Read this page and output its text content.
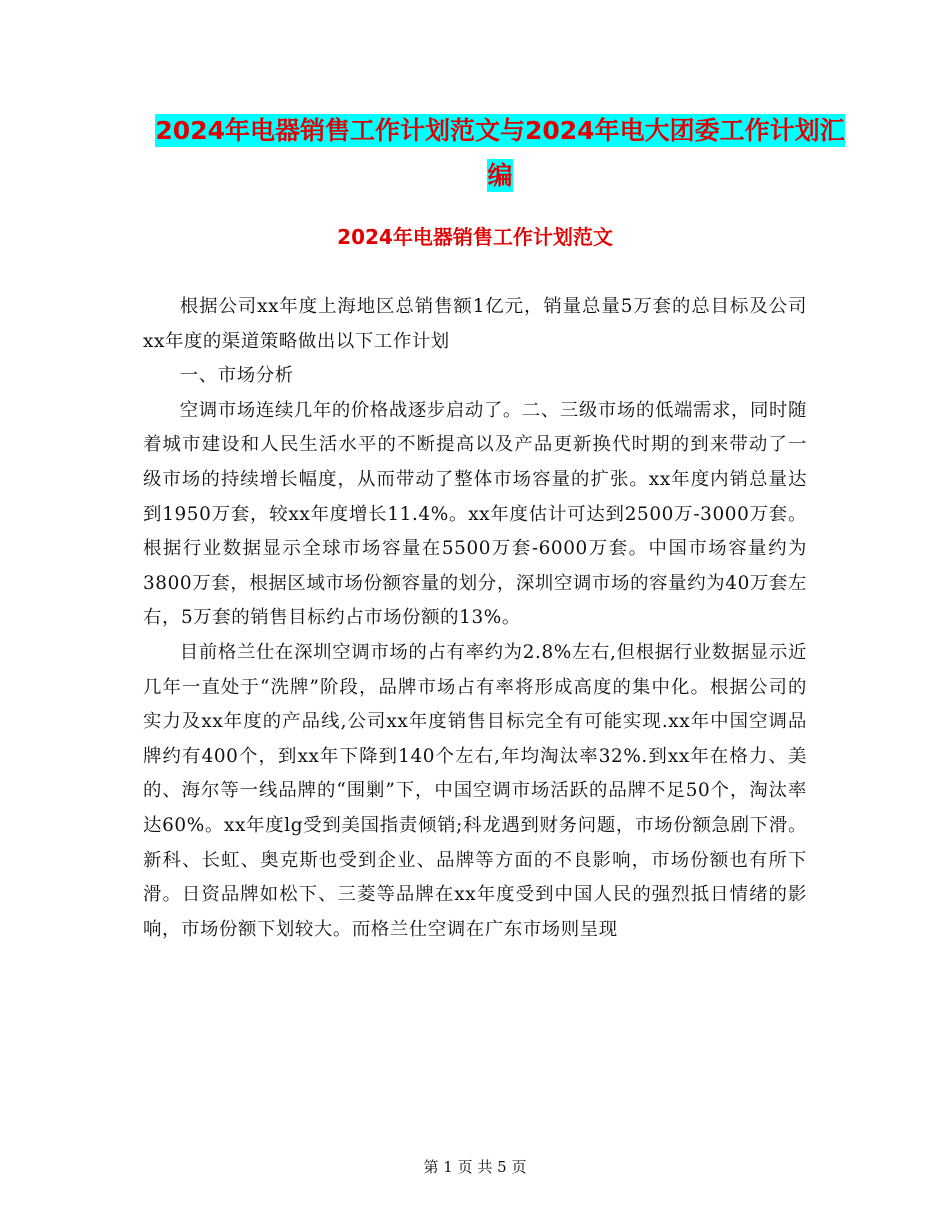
2024年电器销售工作计划范文与2024年电大团委工作计划汇编
2024年电器销售工作计划范文

根据公司xx年度上海地区总销售额1亿元，销量总量5万套的总目标及公司xx年度的渠道策略做出以下工作计划

一、市场分析

空调市场连续几年的价格战逐步启动了。二、三级市场的低端需求，同时随着城市建设和人民生活水平的不断提高以及产品更新换代时期的到来带动了一级市场的持续增长幅度，从而带动了整体市场容量的扩张。xx年度内销总量达到1950万套，较xx年度增长11.4%。xx年度估计可达到2500万-3000万套。根据行业数据显示全球市场容量在5500万套-6000万套。中国市场容量约为3800万套，根据区域市场份额容量的划分，深圳空调市场的容量约为40万套左右，5万套的销售目标约占市场份额的13%。

目前格兰仕在深圳空调市场的占有率约为2.8%左右,但根据行业数据显示近几年一直处于“洗牌”阶段，品牌市场占有率将形成高度的集中化。根据公司的实力及xx年度的产品线,公司xx年度销售目标完全有可能实现.xx年中国空调品牌约有400个，到xx年下降到140个左右,年均淘汰率32%.到xx年在格力、美的、海尔等一线品牌的“围剿”下，中国空调市场活跃的品牌不足50个，淘汰率达60%。xx年度lg受到美国指责倾销;科龙遇到财务问题，市场份额急剧下滑。新科、长虹、奥克斯也受到企业、品牌等方面的不良影响，市场份额也有所下滑。日资品牌如松下、三菱等品牌在xx年度受到中国人民的强烈抵日情绪的影响，市场份额下划较大。而格兰仕空调在广东市场则呈现

第 1 页 共 5 页
